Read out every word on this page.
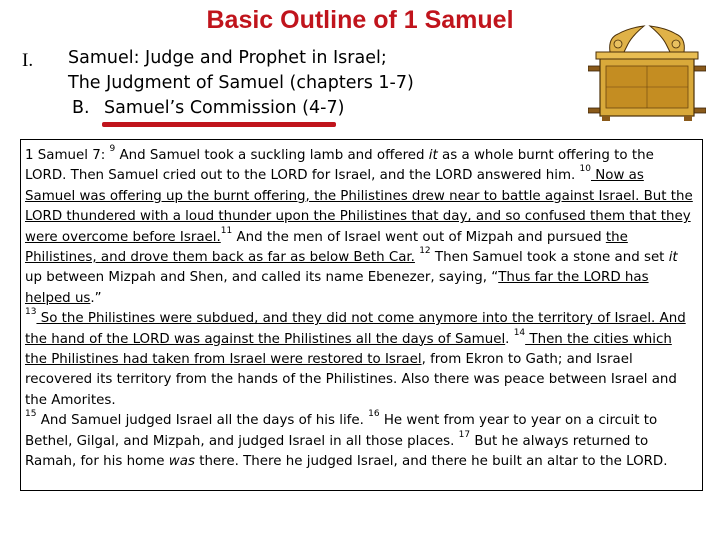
Basic Outline of 1 Samuel
I. Samuel: Judge and Prophet in Israel;
The Judgment of Samuel (chapters 1-7)
B. Samuel’s Commission (4-7)
1 Samuel 7: $^9$ And Samuel took a suckling lamb and offered it as a whole burnt offering to the LORD. Then Samuel cried out to the LORD for Israel, and the LORD answered him. $^{10}$ Now as Samuel was offering up the burnt offering, the Philistines drew near to battle against Israel. But the LORD thundered with a loud thunder upon the Philistines that day, and so confused them that they were overcome before Israel.$^{11}$ And the men of Israel went out of Mizpah and pursued the Philistines, and drove them back as far as below Beth Car. $^{12}$ Then Samuel took a stone and set it up between Mizpah and Shen, and called its name Ebenezer, saying, “Thus far the LORD has helped us.”
$^{13}$ So the Philistines were subdued, and they did not come anymore into the territory of Israel. And the hand of the LORD was against the Philistines all the days of Samuel. $^{14}$ Then the cities which the Philistines had taken from Israel were restored to Israel, from Ekron to Gath; and Israel recovered its territory from the hands of the Philistines. Also there was peace between Israel and the Amorites.
$^{15}$ And Samuel judged Israel all the days of his life. $^{16}$ He went from year to year on a circuit to Bethel, Gilgal, and Mizpah, and judged Israel in all those places. $^{17}$ But he always returned to Ramah, for his home was there. There he judged Israel, and there he built an altar to the LORD.
